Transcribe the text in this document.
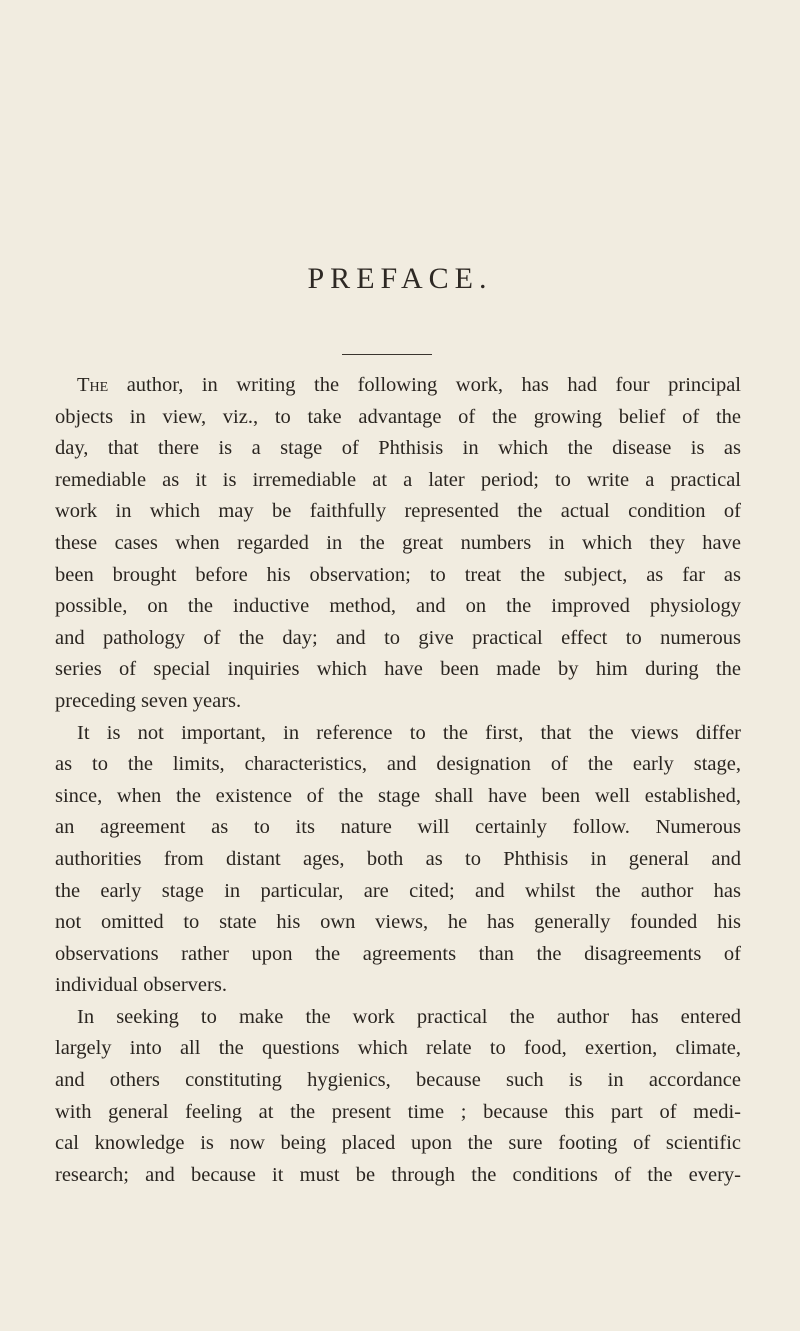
PREFACE.
The author, in writing the following work, has had four principal
objects in view, viz., to take advantage of the growing belief of the
day, that there is a stage of Phthisis in which the disease is as
remediable as it is irremediable at a later period; to write a practical
work in which may be faithfully represented the actual condition of
these cases when regarded in the great numbers in which they have
been brought before his observation; to treat the subject, as far as
possible, on the inductive method, and on the improved physiology
and pathology of the day; and to give practical effect to numerous
series of special inquiries which have been made by him during the
preceding seven years.
It is not important, in reference to the first, that the views differ
as to the limits, characteristics, and designation of the early stage,
since, when the existence of the stage shall have been well established,
an agreement as to its nature will certainly follow. Numerous
authorities from distant ages, both as to Phthisis in general and
the early stage in particular, are cited; and whilst the author has
not omitted to state his own views, he has generally founded his
observations rather upon the agreements than the disagreements of
individual observers.
In seeking to make the work practical the author has entered
largely into all the questions which relate to food, exertion, climate,
and others constituting hygienics, because such is in accordance
with general feeling at the present time ; because this part of medi-
cal knowledge is now being placed upon the sure footing of scientific
research; and because it must be through the conditions of the every-
